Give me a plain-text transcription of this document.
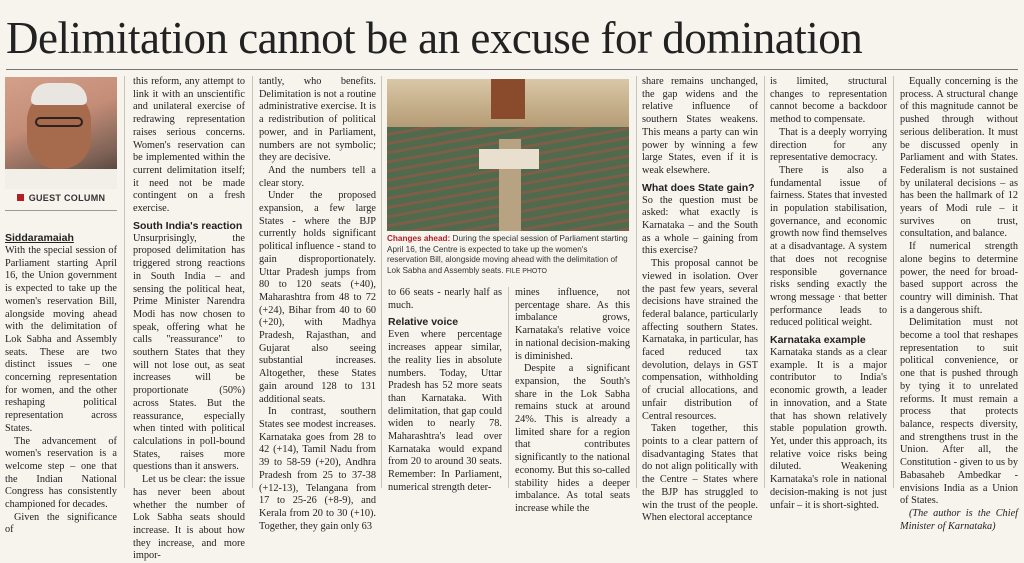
Delimitation cannot be an excuse for domination
GUEST COLUMN
Siddaramaiah

With the special session of Parliament starting April 16, the Union government is expected to take up the women's reservation Bill, alongside moving ahead with the delimitation of Lok Sabha and Assembly seats. These are two distinct issues – one concerning representation for women, and the other reshaping political representation across States.

The advancement of women's reservation is a welcome step – one that the Indian National Congress has consistently championed for decades.

Given the significance of

this reform, any attempt to link it with an unscientific and unilateral exercise of redrawing representation raises serious concerns. Women's reservation can be implemented within the current delimitation itself; it need not be made contingent on a fresh exercise.

South India's reaction

Unsurprisingly, the proposed delimitation has triggered strong reactions in South India – and sensing the political heat, Prime Minister Narendra Modi has now chosen to speak, offering what he calls "reassurance" to southern States that they will not lose out, as seat increases will be proportionate (50%) across States. But the reassurance, especially when tinted with political calculations in poll-bound States, raises more questions than it answers.

Let us be clear: the issue has never been about whether the number of Lok Sabha seats should increase. It is about how they increase, and more impor-

tantly, who benefits. Delimitation is not a routine administrative exercise. It is a redistribution of political power, and in Parliament, numbers are not symbolic; they are decisive.

And the numbers tell a clear story.

Under the proposed expansion, a few large States - where the BJP currently holds significant political influence - stand to gain disproportionately. Uttar Pradesh jumps from 80 to 120 seats (+40), Maharashtra from 48 to 72 (+24), Bihar from 40 to 60 (+20), with Madhya Pradesh, Rajasthan, and Gujarat also seeing substantial increases. Altogether, these States gain around 128 to 131 additional seats.

In contrast, southern States see modest increases. Karnataka goes from 28 to 42 (+14), Tamil Nadu from 39 to 58-59 (+20), Andhra Pradesh from 25 to 37-38 (+12-13), Telangana from 17 to 25-26 (+8-9), and Kerala from 20 to 30 (+10). Together, they gain only 63

Changes ahead: During the special session of Parliament starting April 16, the Centre is expected to take up the women's reservation Bill, alongside moving ahead with the delimitation of Lok Sabha and Assembly seats. FILE PHOTO

to 66 seats - nearly half as much.

Relative voice

Even where percentage increases appear similar, the reality lies in absolute numbers. Today, Uttar Pradesh has 52 more seats than Karnataka. With delimitation, that gap could widen to nearly 78. Maharashtra's lead over Karnataka would expand from 20 to around 30 seats. Remember: In Parliament, numerical strength deter-

mines influence, not percentage share. As this imbalance grows, Karnataka's relative voice in national decision-making is diminished.

Despite a significant expansion, the South's share in the Lok Sabha remains stuck at around 24%. This is already a limited share for a region that contributes significantly to the national economy. But this so-called stability hides a deeper imbalance. As total seats increase while the

share remains unchanged, the gap widens and the relative influence of southern States weakens. This means a party can win power by winning a few large States, even if it is weak elsewhere.

What does State gain?

So the question must be asked: what exactly is Karnataka – and the South as a whole – gaining from this exercise?

This proposal cannot be viewed in isolation. Over the past few years, several decisions have strained the federal balance, particularly affecting southern States. Karnataka, in particular, has faced reduced tax devolution, delays in GST compensation, withholding of crucial allocations, and unfair distribution of Central resources.

Taken together, this points to a clear pattern of disadvantaging States that do not align politically with the Centre – States where the BJP has struggled to win the trust of the people. When electoral acceptance

is limited, structural changes to representation cannot become a backdoor method to compensate.

That is a deeply worrying direction for any representative democracy.

There is also a fundamental issue of fairness. States that invested in population stabilisation, governance, and economic growth now find themselves at a disadvantage. A system that does not recognise responsible governance risks sending exactly the wrong message · that better performance leads to reduced political weight.

Karnataka example

Karnataka stands as a clear example. It is a major contributor to India's economic growth, a leader in innovation, and a State that has shown relatively stable population growth. Yet, under this approach, its relative voice risks being diluted. Weakening Karnataka's role in national decision-making is not just unfair – it is short-sighted.

Equally concerning is the process. A structural change of this magnitude cannot be pushed through without serious deliberation. It must be discussed openly in Parliament and with States. Federalism is not sustained by unilateral decisions – as has been the hallmark of 12 years of Modi rule – it survives on trust, consultation, and balance.

If numerical strength alone begins to determine power, the need for broad-based support across the country will diminish. That is a dangerous shift.

Delimitation must not become a tool that reshapes representation to suit political convenience, or one that is pushed through by tying it to unrelated reforms. It must remain a process that protects balance, respects diversity, and strengthens trust in the Union. After all, the Constitution - given to us by Babasaheb Ambedkar - envisions India as a Union of States.

(The author is the Chief Minister of Karnataka)
